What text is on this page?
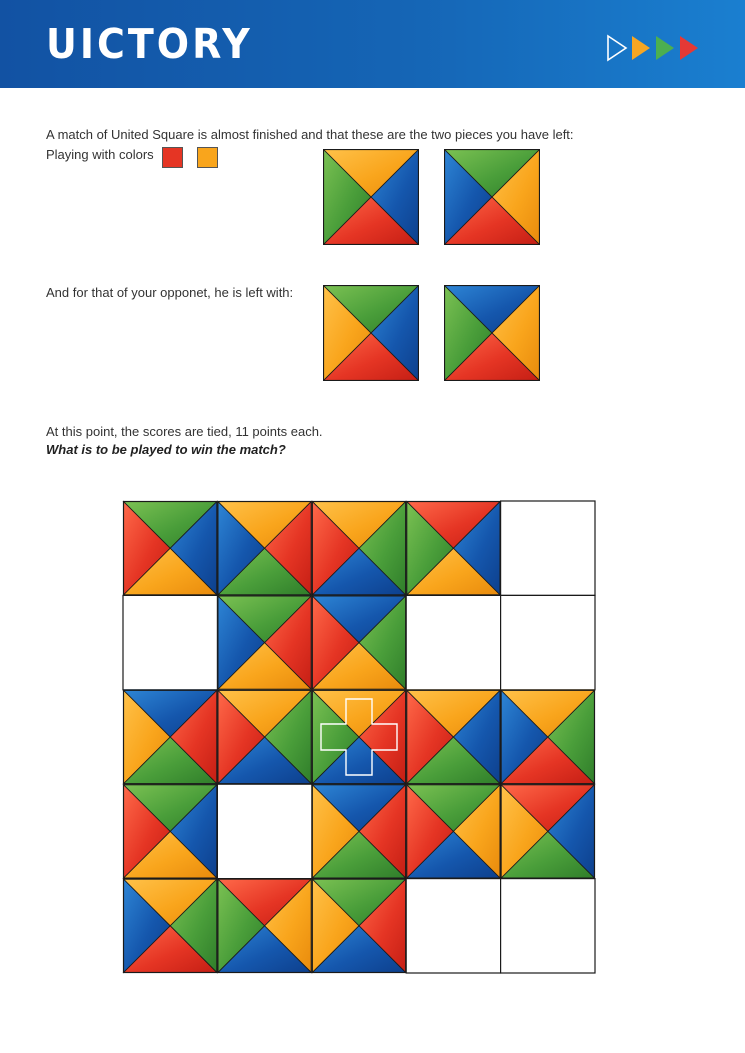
UICTORY
A match of United Square is almost finished and that these are the two pieces you have left:
Playing with colors
And for that of your opponet, he is left with:
At this point, the scores are tied, 11 points each.
What is to be played to win the match?
